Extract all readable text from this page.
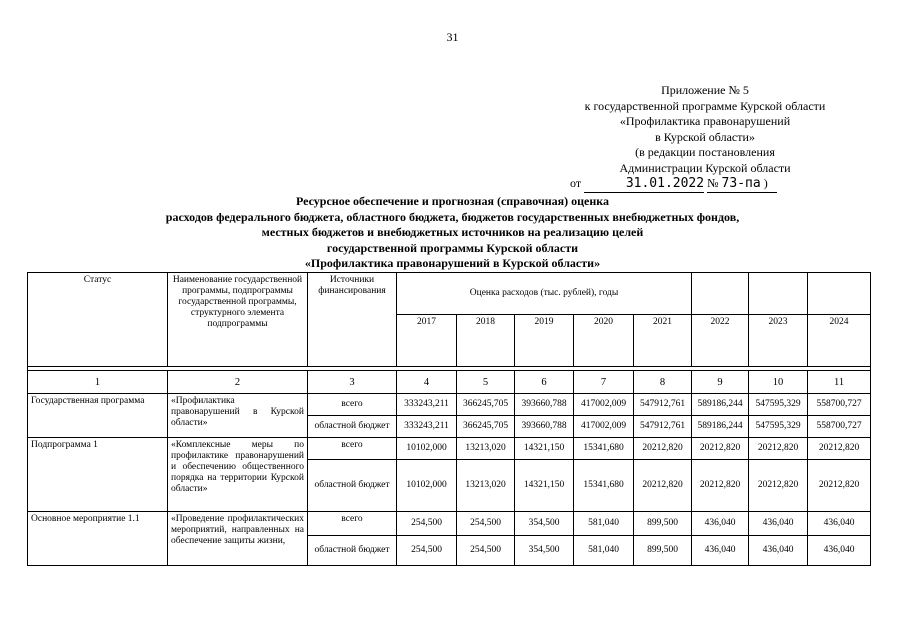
31
Приложение № 5
к государственной программе Курской области
«Профилактика правонарушений
в Курской области»
(в редакции постановления
Администрации Курской области
от	31.01.2022 № 73-па )
Ресурсное обеспечение и прогнозная (справочная) оценка
расходов федерального бюджета, областного бюджета, бюджетов государственных внебюджетных фондов,
местных бюджетов и внебюджетных источников на реализацию целей
государственной программы Курской области
«Профилактика правонарушений в Курской области»
Статус	Наименование государственной программы, подпрограммы государственной программы, структурного элемента подпрограммы	Источники финансирования	Оценка расходов (тыс. рублей), годы							
			2017	2018	2019	2020	2021	2022	2023	2024

1	2	3	4	5	6	7	8	9	10	11
Государственная программа	«Профилактика правонарушений в Курской области»	всего	333243,211	366245,705	393660,788	417002,009	547912,761	589186,244	547595,329	558700,727
		областной бюджет	333243,211	366245,705	393660,788	417002,009	547912,761	589186,244	547595,329	558700,727
Подпрограмма 1	«Комплексные меры по профилактике правонарушений и обеспечению общественного порядка на территории Курской области»	всего	10102,000	13213,020	14321,150	15341,680	20212,820	20212,820	20212,820	20212,820
		областной бюджет	10102,000	13213,020	14321,150	15341,680	20212,820	20212,820	20212,820	20212,820
Основное мероприятие 1.1	«Проведение профилактических мероприятий, направленных на обеспечение защиты жизни,	всего	254,500	254,500	354,500	581,040	899,500	436,040	436,040	436,040
		областной бюджет	254,500	254,500	354,500	581,040	899,500	436,040	436,040	436,040
